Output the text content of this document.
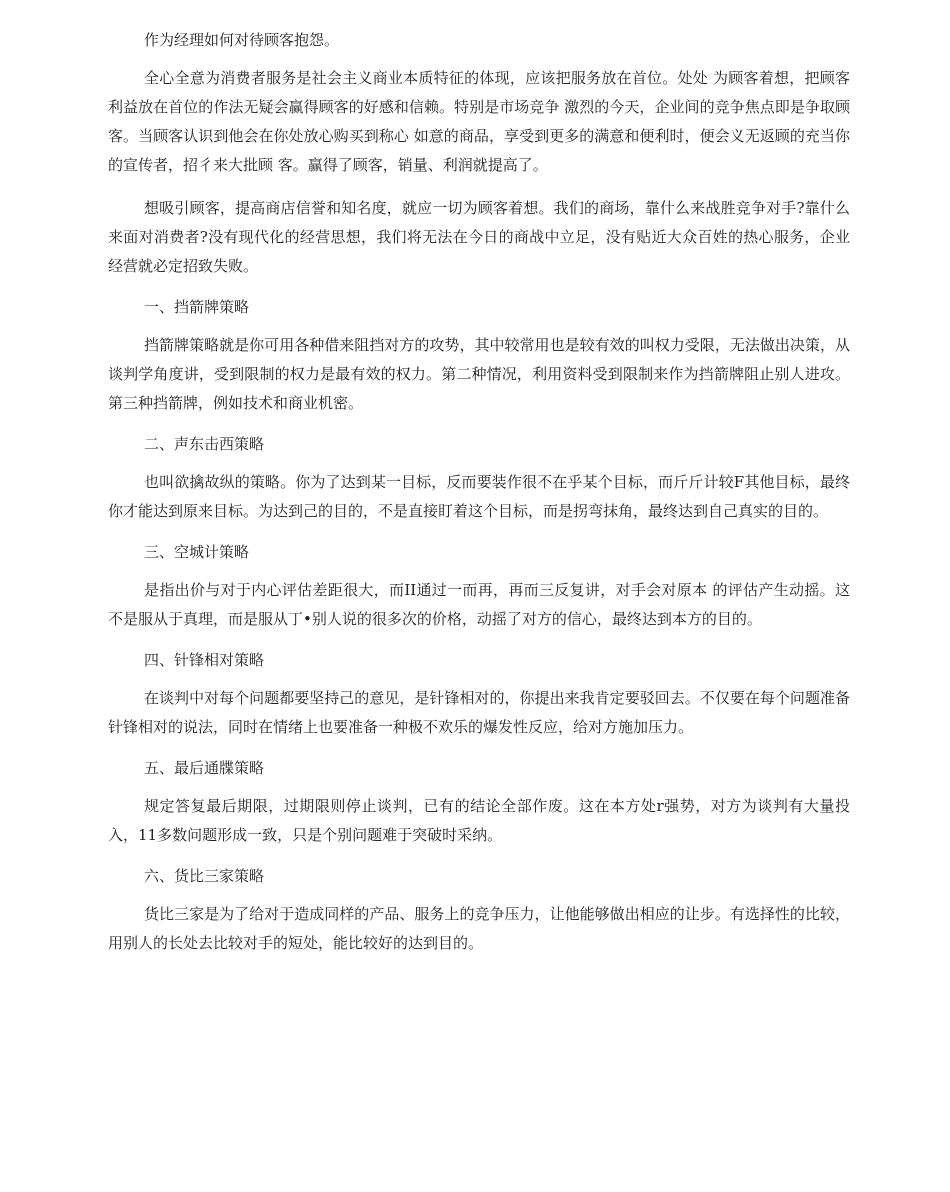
作为经理如何对待顾客抱怨。

全心全意为消费者服务是社会主义商业本质特征的体现，应该把服务放在首位。处处 为顾客着想，把顾客利益放在首位的作法无疑会赢得顾客的好感和信赖。特别是市场竞争 激烈的今天，企业间的竞争焦点即是争取顾客。当顾客认识到他会在你处放心购买到称心 如意的商品，享受到更多的满意和便利时，便会义无返顾的充当你的宣传者，招彳来大批顾 客。赢得了顾客，销量、利润就提高了。

想吸引顾客，提高商店信誉和知名度，就应一切为顾客着想。我们的商场，靠什么来战胜竞争对手?靠什么来面对消费者?没有现代化的经营思想，我们将无法在今日的商战中立足，没有贴近大众百姓的热心服务，企业经营就必定招致失败。

一、挡箭牌策略

挡箭牌策略就是你可用各种借来阻挡对方的攻势，其中较常用也是较有效的叫权力受限，无法做出决策，从谈判学角度讲，受到限制的权力是最有效的权力。第二种情况，利用资料受到限制来作为挡箭牌阻止别人进攻。第三种挡箭牌，例如技术和商业机密。

二、声东击西策略

也叫欲擒故纵的策略。你为了达到某一目标，反而要装作很不在乎某个目标，而斤斤计较F其他目标，最终你才能达到原来目标。为达到己的目的，不是直接盯着这个目标，而是拐弯抹角，最终达到自己真实的目的。

三、空城计策略

是指出价与对于内心评估差距很大，而II通过一而再，再而三反复讲，对手会对原本 的评估产生动摇。这不是服从于真理，而是服从丁•别人说的很多次的价格，动摇了对方的信心，最终达到本方的目的。

四、针锋相对策略

在谈判中对每个问题都要坚持己的意见，是针锋相对的，你提出来我肯定要驳回去。不仅要在每个问题准备针锋相对的说法，同时在情绪上也要准备一种极不欢乐的爆发性反应，给对方施加压力。

五、最后通牒策略

规定答复最后期限，过期限则停止谈判，已有的结论全部作废。这在本方处r强势，对方为谈判有大量投入，11多数问题形成一致，只是个别问题难于突破时采纳。

六、货比三家策略

货比三家是为了给对于造成同样的产品、服务上的竞争压力，让他能够做出相应的让步。有选择性的比较，用别人的长处去比较对手的短处，能比较好的达到目的。
